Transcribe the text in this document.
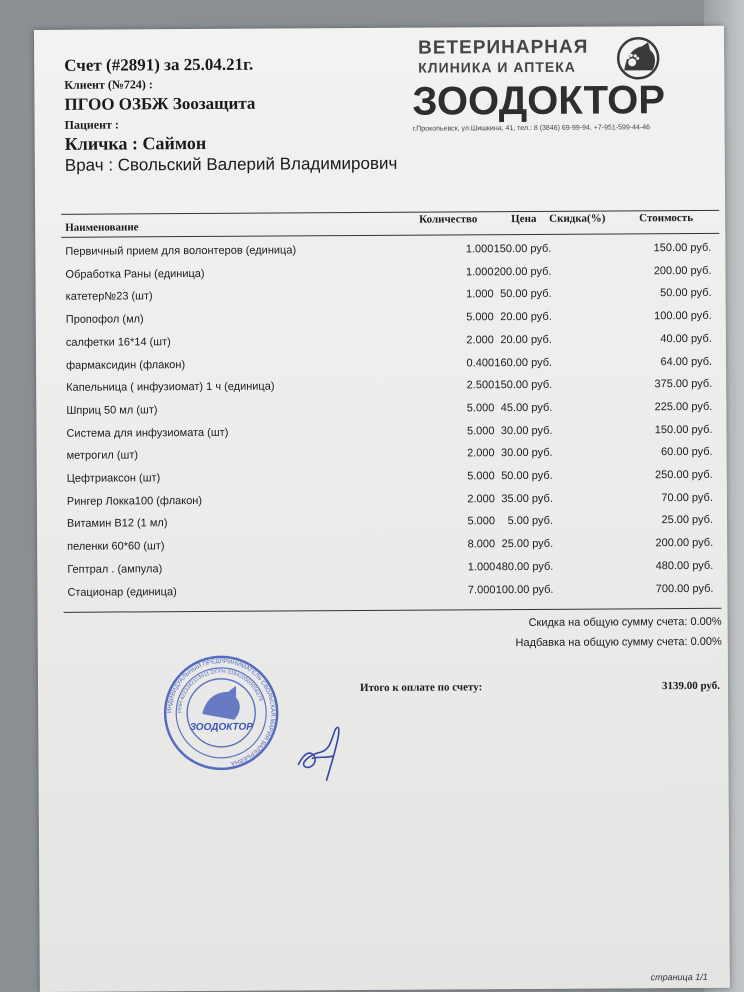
Счет (#2891) за 25.04.21г.
Клиент (№724) :
ПГОО ОЗБЖ Зоозащита
Пациент :
Кличка : Саймон
Врач : Свольский Валерий Владимирович
ВЕТЕРИНАРНАЯ
КЛИНИКА И АПТЕКА
ЗООДОКТОР
г.Прокопьевск, ул.Шишкина, 41, тел.: 8 (3846) 69-99-94, +7-951-599-44-46
Наименование
Количество	Цена Скидка(%)	Стоимость
Первичный прием для волонтеров (единица)	1.000 150.00 руб.	150.00 руб.
Обработка Раны (единица)	1.000 200.00 руб.	200.00 руб.
катетер№23 (шт)	1.000 50.00 руб.	50.00 руб.
Пропофол (мл)	5.000 20.00 руб.	100.00 руб.
салфетки 16*14 (шт)	2.000 20.00 руб.	40.00 руб.
фармаксидин (флакон)	0.400 160.00 руб.	64.00 руб.
Капельница ( инфузиомат) 1 ч (единица)	2.500 150.00 руб.	375.00 руб.
Шприц 50 мл (шт)	5.000 45.00 руб.	225.00 руб.
Система для инфузиомата (шт)	5.000 30.00 руб.	150.00 руб.
метрогил (шт)	2.000 30.00 руб.	60.00 руб.
Цефтриаксон (шт)	5.000 50.00 руб.	250.00 руб.
Рингер Локка100 (флакон)	2.000 35.00 руб.	70.00 руб.
Витамин В12 (1 мл)	5.000 5.00 руб.	25.00 руб.
пеленки 60*60 (шт)	8.000 25.00 руб.	200.00 руб.
Гептрал . (ампула)	1.000 480.00 руб.	480.00 руб.
Стационар (единица)	7.000 100.00 руб.	700.00 руб.
Скидка на общую сумму счета: 0.00%
Надбавка на общую сумму счета: 0.00%
Итого к оплате по счету:	3139.00 руб.
ИНДИВИДУАЛЬНЫЙ ПРЕДПРИНИМАТЕЛЬ СВОЛЬСКАЯ МАРИЯ ВАЛЕРЬЕВНА
ИНН 4223342113411 ОГРН 316420500058279
ЗООДОКТОР
страница 1/1
